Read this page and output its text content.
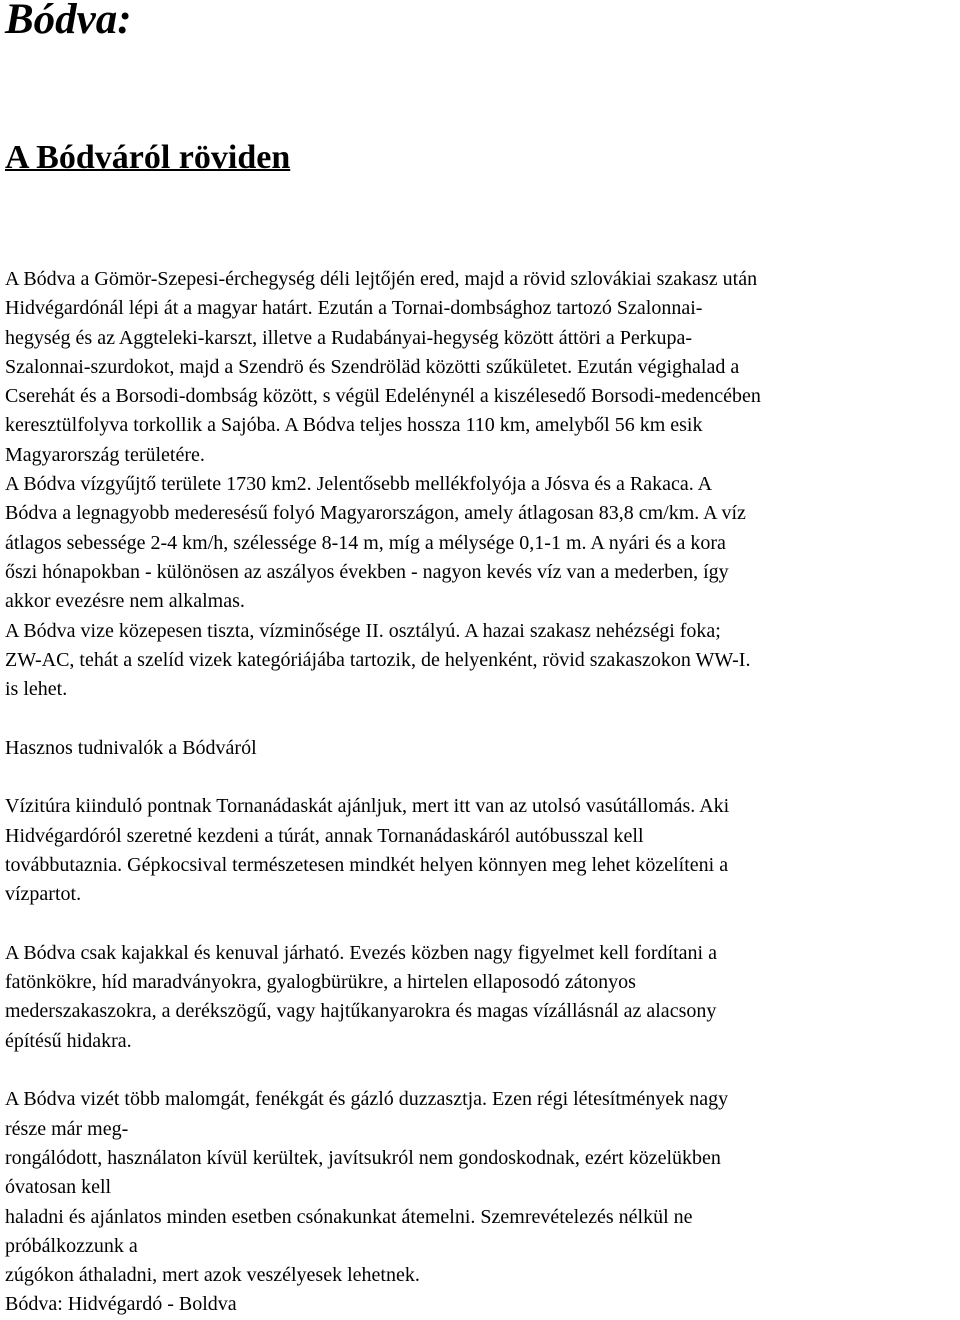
Bódva:
A Bódváról röviden
A Bódva a Gömör-Szepesi-érchegység déli lejtőjén ered, majd a rövid szlovákiai szakasz után
Hidvégardónál lépi át a magyar határt. Ezután a Tornai-dombsághoz tartozó Szalonnai-
hegység és az Aggteleki-karszt, illetve a Rudabányai-hegység között áttöri a Perkupa-
Szalonnai-szurdokot, majd a Szendrö és Szendröläd közötti szűkületet. Ezután végighalad a
Cserehát és a Borsodi-dombság között, s végül Edelénynél a kiszélesedő Borsodi-medencében
keresztülfolyva torkollik a Sajóba. A Bódva teljes hossza 110 km, amelyből 56 km esik
Magyarország területére.
A Bódva vízgyűjtő területe 1730 km2. Jelentősebb mellékfolyója a Jósva és a Rakaca. A
Bódva a legnagyobb mederesésű folyó Magyarországon, amely átlagosan 83,8 cm/km. A víz
átlagos sebessége 2-4 km/h, szélessége 8-14 m, míg a mélysége 0,1-1 m. A nyári és a kora
őszi hónapokban - különösen az aszályos években - nagyon kevés víz van a mederben, így
akkor evezésre nem alkalmas.
A Bódva vize közepesen tiszta, vízminősége II. osztályú. A hazai szakasz nehézségi foka;
ZW-AC, tehát a szelíd vizek kategóriájába tartozik, de helyenként, rövid szakaszokon WW-I.
is lehet.
Hasznos tudnivalók a Bódváról
Vízitúra kiinduló pontnak Tornanádaskát ajánljuk, mert itt van az utolsó vasútállomás. Aki
Hidvégardóról szeretné kezdeni a túrát, annak Tornanádaskáról autóbusszal kell
továbbutaznia. Gépkocsival természetesen mindkét helyen könnyen meg lehet közelíteni a
vízpartot.
A Bódva csak kajakkal és kenuval járható. Evezés közben nagy figyelmet kell fordítani a
fatönkökre, híd maradványokra, gyalogbürükre, a hirtelen ellaposodó zátonyos
mederszakaszokra, a derékszögű, vagy hajtűkanyarokra és magas vízállásnál az alacsony
építésű hidakra.
A Bódva vizét több malomgát, fenékgát és gázló duzzasztja. Ezen régi létesítmények nagy
része már meg-
rongálódott, használaton kívül kerültek, javítsukról nem gondoskodnak, ezért közelükben
óvatosan kell
haladni és ajánlatos minden esetben csónakunkat átemelni. Szemrevételezés nélkül ne
próbálkozzunk a
zúgókon áthaladni, mert azok veszélyesek lehetnek.
Bódva: Hidvégardó - Boldva
